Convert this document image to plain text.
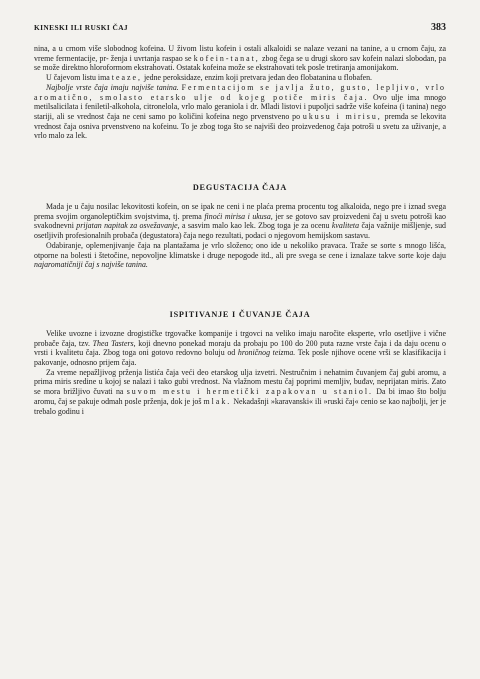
KINESKI ILI RUSKI ČAJ	383

nina, a u crnom više slobodnog kofeina. U živom listu kofein i ostali alkaloidi se nalaze vezani na tanine, a u crnom čaju, za vreme fermentacije, pr- ženja i uvrtanja raspao se kofein-tanat, zbog čega se u drugi skoro sav kofein nalazi slobodan, pa se može direktno hloroformom ekstrahovati. Ostatak kofeina može se ekstrahovati tek posle tretiranja amonijakom.

U čajevom listu ima teaze, jedne peroksidaze, enzim koji pretvara jedan deo flobatanina u flobafen.

Najbolje vrste čaja imaju najviše tanina. Fermentacijom se javlja žuto, gusto, lepljivo, vrlo aromatično, smolasto etarsko ulje od kojeg potiče miris čaja. Ovo ulje ima mnogo metilsalicilata i feniletil-alkohola, citronelola, vrlo malo geraniola i dr. Mladi listovi i pupoljci sadrže više kofeina (i tanina) nego stariji, ali se vrednost čaja ne ceni samo po količini kofeina nego prvenstveno po ukusu i mirisu, premda se lekovita vrednost čaja osniva prvenstveno na kofeinu. To je zbog toga što se najviši deo proizvedenog čaja potroši u svetu za uživanje, a vrlo malo za lek.

DEGUSTACIJA ČAJA

Mada je u čaju nosilac lekovitosti kofein, on se ipak ne ceni i ne plaća prema procentu tog alkaloida, nego pre i iznad svega prema svojim organoleptičkim svojstvima, tj. prema finoći mirisa i ukusa, jer se gotovo sav proizvedeni čaj u svetu potroši kao svakodnevni prijatan napitak za osvežavanje, a sasvim malo kao lek. Zbog toga je za ocenu kvaliteta čaja važnije mišljenje, sud osetljivih profesionalnih probača (degustatora) čaja nego rezultati, podaci o njegovom hemijskom sastavu.

Odabiranje, oplemenjivanje čaja na plantažama je vrlo složeno; ono ide u nekoliko pravaca. Traže se sorte s mnogo lišća, otporne na bolesti i štetočine, nepovoljne klimatske i druge nepogode itd., ali pre svega se cene i iznalaze takve sorte koje daju najaromatičniji čaj s najviše tanina.

ISPITIVANJE I ČUVANJE ČAJA

Velike uvozne i izvozne drogističke trgovačke kompanije i trgovci na veliko imaju naročite eksperte, vrlo osetljive i vične probače čaja, tzv. Thea Tasters, koji dnevno ponekad moraju da probaju po 100 do 200 puta razne vrste čaja i da daju ocenu o vrsti i kvalitetu čaja. Zbog toga oni gotovo redovno boluju od hroničnog teizma. Tek posle njihove ocene vrši se klasifikacija i pakovanje, odnosno prijem čaja.

Za vreme nepažljivog prženja listića čaja veći deo etarskog ulja izvetri. Nestručnim i nehatnim čuvanjem čaj gubi aromu, a prima miris sredine u kojoj se nalazi i tako gubi vrednost. Na vlažnom mestu čaj poprimi memljiv, buđav, neprijatan miris. Zato se mora brižljivo čuvati na suvom mestu i hermetički zapakovan u staniol. Da bi imao što bolju aromu, čaj se pakuje odmah posle prženja, dok je još mlak. Nekadašnji »karavanski« ili »ruski čaj« cenio se kao najbolji, jer je trebalo godinu i
